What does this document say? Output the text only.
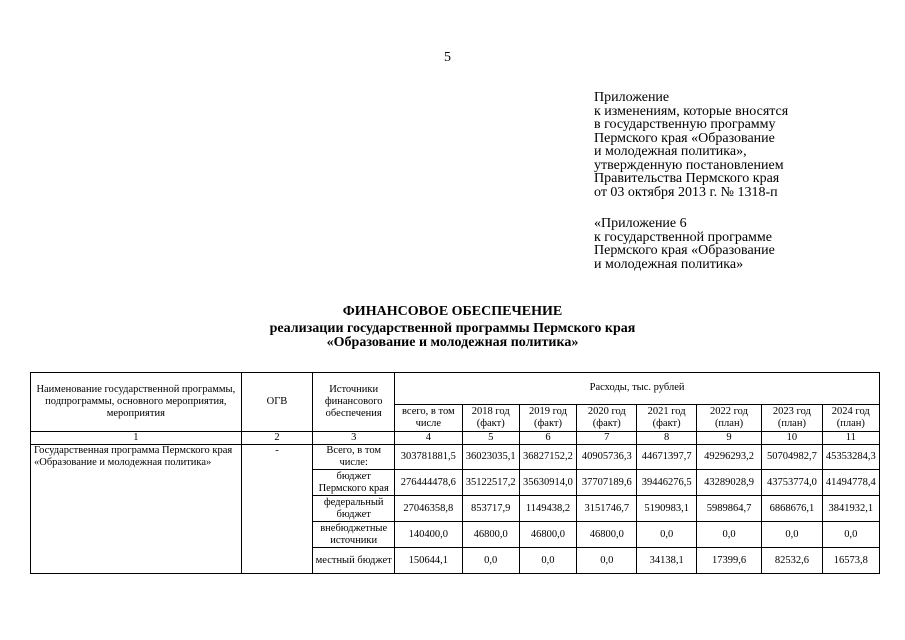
5
Приложение
к изменениям, которые вносятся
в государственную программу
Пермского края «Образование
и молодежная политика»,
утвержденную постановлением
Правительства Пермского края
от 03 октября 2013 г. № 1318-п
«Приложение 6
к государственной программе
Пермского края «Образование
и молодежная политика»
ФИНАНСОВОЕ ОБЕСПЕЧЕНИЕ
реализации государственной программы Пермского края
«Образование и молодежная политика»
Наименование государственной программы, подпрограммы, основного мероприятия, мероприятия	ОГВ	Источники финансового обеспечения	Расходы, тыс. рублей							
			всего, в том числе	2018 год (факт)	2019 год (факт)	2020 год (факт)	2021 год (факт)	2022 год (план)	2023 год (план)	2024 год (план)
1	2	3	4	5	6	7	8	9	10	11
Государственная программа Пермского края «Образование и молодежная политика»	-	Всего, в том числе:	303781881,5	36023035,1	36827152,2	40905736,3	44671397,7	49296293,2	50704982,7	45353284,3
		бюджет Пермского края	276444478,6	35122517,2	35630914,0	37707189,6	39446276,5	43289028,9	43753774,0	41494778,4
		федеральный бюджет	27046358,8	853717,9	1149438,2	3151746,7	5190983,1	5989864,7	6868676,1	3841932,1
		внебюджетные источники	140400,0	46800,0	46800,0	46800,0	0,0	0,0	0,0	0,0
		местный бюджет	150644,1	0,0	0,0	0,0	34138,1	17399,6	82532,6	16573,8
